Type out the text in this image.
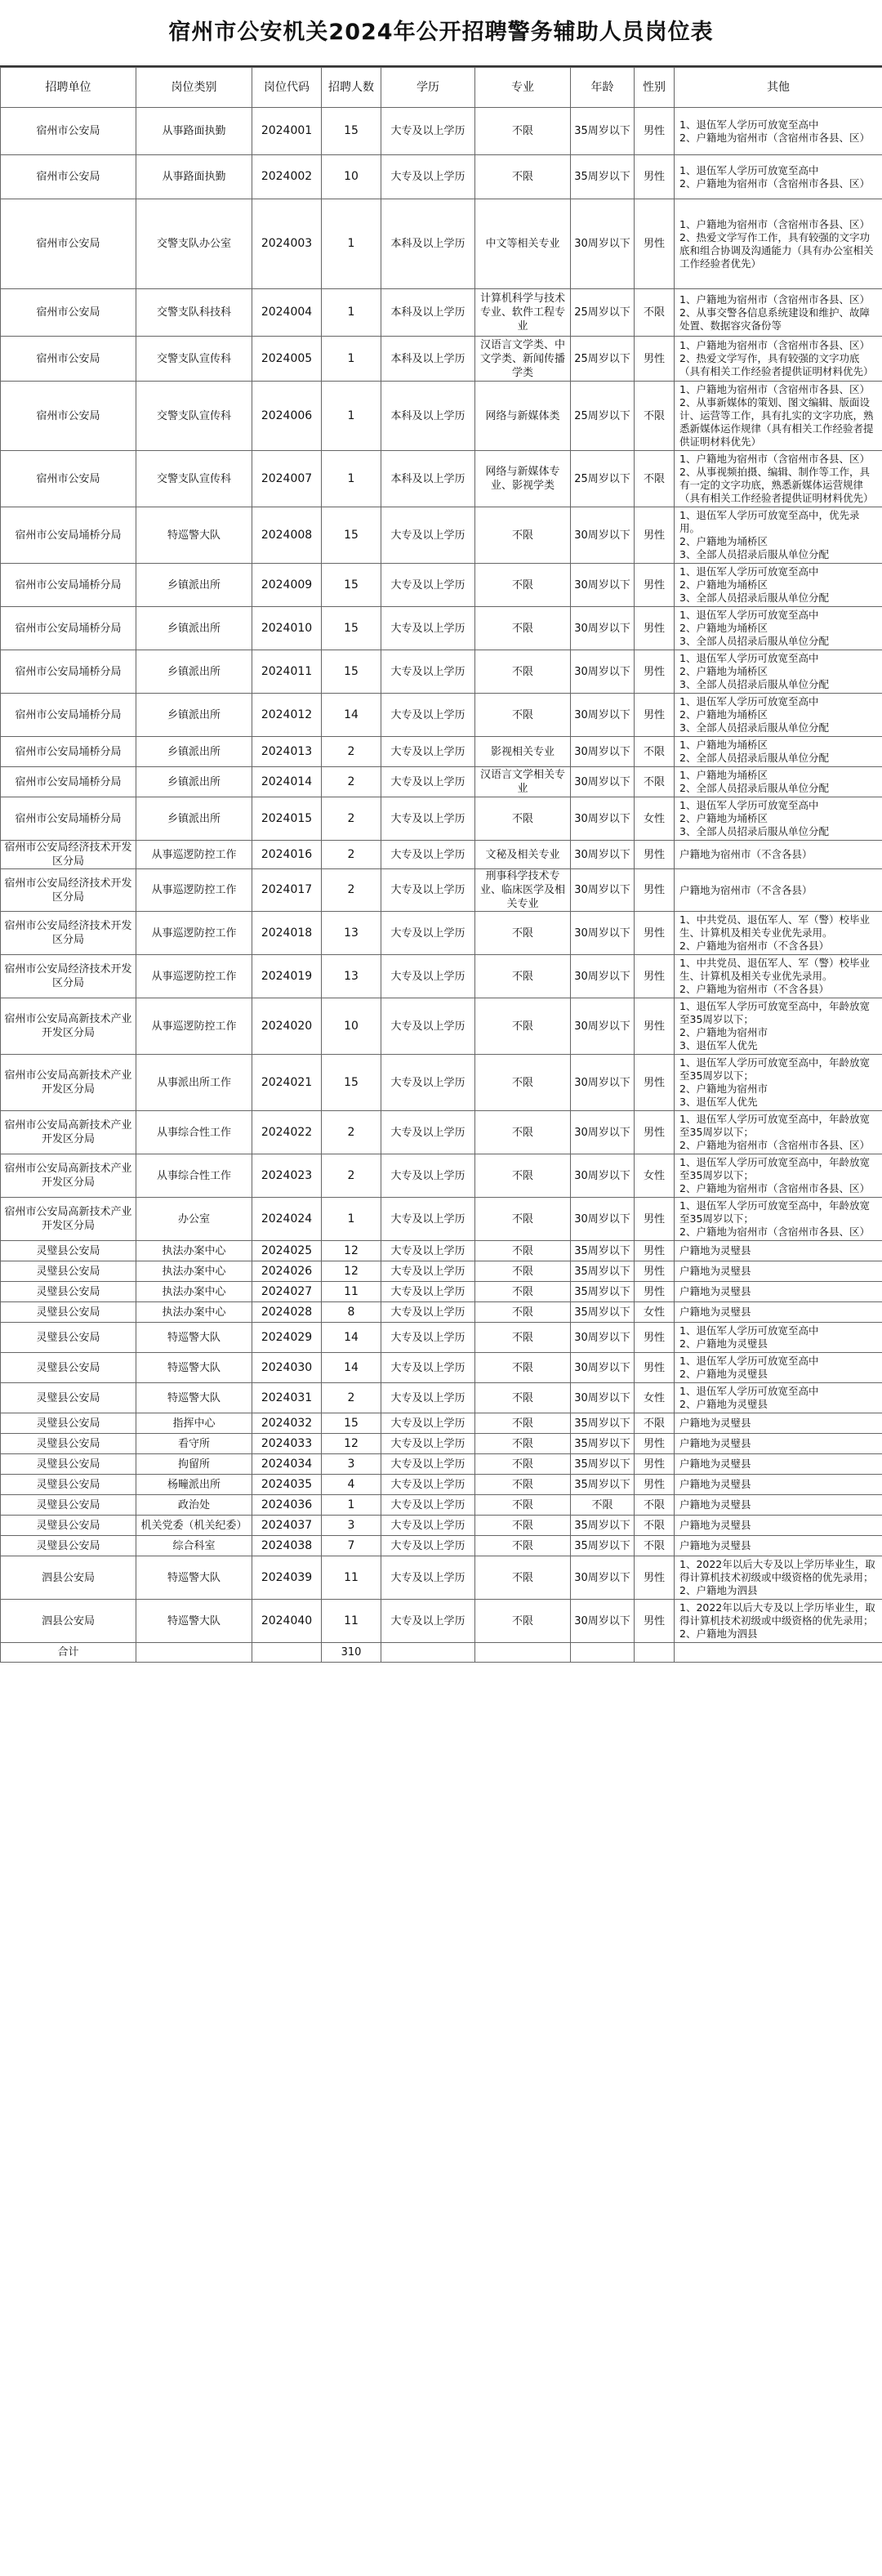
宿州市公安机关2024年公开招聘警务辅助人员岗位表
招聘单位	岗位类别	岗位代码	招聘人数	学历	专业	年龄	性别	其他
宿州市公安局	从事路面执勤	2024001	15	大专及以上学历	不限	35周岁以下	男性	1、退伍军人学历可放宽至高中
2、户籍地为宿州市（含宿州市各县、区）
宿州市公安局	从事路面执勤	2024002	10	大专及以上学历	不限	35周岁以下	男性	1、退伍军人学历可放宽至高中
2、户籍地为宿州市（含宿州市各县、区）
宿州市公安局	交警支队办公室	2024003	1	本科及以上学历	中文等相关专业	30周岁以下	男性	1、户籍地为宿州市（含宿州市各县、区）
2、热爱文学写作工作，具有较强的文字功底和组合协调及沟通能力（具有办公室相关工作经验者优先）
宿州市公安局	交警支队科技科	2024004	1	本科及以上学历	计算机科学与技术专业、软件工程专业	25周岁以下	不限	1、户籍地为宿州市（含宿州市各县、区）
2、从事交警各信息系统建设和维护、故障处置、数据容灾备份等
宿州市公安局	交警支队宣传科	2024005	1	本科及以上学历	汉语言文学类、中文学类、新闻传播学类	25周岁以下	男性	1、户籍地为宿州市（含宿州市各县、区）
2、热爱文学写作，具有较强的文字功底（具有相关工作经验者提供证明材料优先）
宿州市公安局	交警支队宣传科	2024006	1	本科及以上学历	网络与新媒体类	25周岁以下	不限	1、户籍地为宿州市（含宿州市各县、区）
2、从事新媒体的策划、图文编辑、版面设计、运营等工作，具有扎实的文字功底，熟悉新媒体运作规律（具有相关工作经验者提供证明材料优先）
宿州市公安局	交警支队宣传科	2024007	1	本科及以上学历	网络与新媒体专业、影视学类	25周岁以下	不限	1、户籍地为宿州市（含宿州市各县、区）
2、从事视频拍摄、编辑、制作等工作，具有一定的文字功底，熟悉新媒体运营规律（具有相关工作经验者提供证明材料优先）
宿州市公安局埇桥分局	特巡警大队	2024008	15	大专及以上学历	不限	30周岁以下	男性	1、退伍军人学历可放宽至高中，优先录用。
2、户籍地为埇桥区
3、全部人员招录后服从单位分配
宿州市公安局埇桥分局	乡镇派出所	2024009	15	大专及以上学历	不限	30周岁以下	男性	1、退伍军人学历可放宽至高中
2、户籍地为埇桥区
3、全部人员招录后服从单位分配
宿州市公安局埇桥分局	乡镇派出所	2024010	15	大专及以上学历	不限	30周岁以下	男性	1、退伍军人学历可放宽至高中
2、户籍地为埇桥区
3、全部人员招录后服从单位分配
宿州市公安局埇桥分局	乡镇派出所	2024011	15	大专及以上学历	不限	30周岁以下	男性	1、退伍军人学历可放宽至高中
2、户籍地为埇桥区
3、全部人员招录后服从单位分配
宿州市公安局埇桥分局	乡镇派出所	2024012	14	大专及以上学历	不限	30周岁以下	男性	1、退伍军人学历可放宽至高中
2、户籍地为埇桥区
3、全部人员招录后服从单位分配
宿州市公安局埇桥分局	乡镇派出所	2024013	2	大专及以上学历	影视相关专业	30周岁以下	不限	1、户籍地为埇桥区
2、全部人员招录后服从单位分配
宿州市公安局埇桥分局	乡镇派出所	2024014	2	大专及以上学历	汉语言文学相关专业	30周岁以下	不限	1、户籍地为埇桥区
2、全部人员招录后服从单位分配
宿州市公安局埇桥分局	乡镇派出所	2024015	2	大专及以上学历	不限	30周岁以下	女性	1、退伍军人学历可放宽至高中
2、户籍地为埇桥区
3、全部人员招录后服从单位分配
宿州市公安局经济技术开发区分局	从事巡逻防控工作	2024016	2	大专及以上学历	文秘及相关专业	30周岁以下	男性	户籍地为宿州市（不含各县）
宿州市公安局经济技术开发区分局	从事巡逻防控工作	2024017	2	大专及以上学历	刑事科学技术专业、临床医学及相关专业	30周岁以下	男性	户籍地为宿州市（不含各县）
宿州市公安局经济技术开发区分局	从事巡逻防控工作	2024018	13	大专及以上学历	不限	30周岁以下	男性	1、中共党员、退伍军人、军（警）校毕业生、计算机及相关专业优先录用。
2、户籍地为宿州市（不含各县）
宿州市公安局经济技术开发区分局	从事巡逻防控工作	2024019	13	大专及以上学历	不限	30周岁以下	男性	1、中共党员、退伍军人、军（警）校毕业生、计算机及相关专业优先录用。
2、户籍地为宿州市（不含各县）
宿州市公安局高新技术产业开发区分局	从事巡逻防控工作	2024020	10	大专及以上学历	不限	30周岁以下	男性	1、退伍军人学历可放宽至高中，年龄放宽至35周岁以下；
2、户籍地为宿州市
3、退伍军人优先
宿州市公安局高新技术产业开发区分局	从事派出所工作	2024021	15	大专及以上学历	不限	30周岁以下	男性	1、退伍军人学历可放宽至高中，年龄放宽至35周岁以下；
2、户籍地为宿州市
3、退伍军人优先
宿州市公安局高新技术产业开发区分局	从事综合性工作	2024022	2	大专及以上学历	不限	30周岁以下	男性	1、退伍军人学历可放宽至高中，年龄放宽至35周岁以下；
2、户籍地为宿州市（含宿州市各县、区）
宿州市公安局高新技术产业开发区分局	从事综合性工作	2024023	2	大专及以上学历	不限	30周岁以下	女性	1、退伍军人学历可放宽至高中，年龄放宽至35周岁以下；
2、户籍地为宿州市（含宿州市各县、区）
宿州市公安局高新技术产业开发区分局	办公室	2024024	1	大专及以上学历	不限	30周岁以下	男性	1、退伍军人学历可放宽至高中，年龄放宽至35周岁以下；
2、户籍地为宿州市（含宿州市各县、区）
灵璧县公安局	执法办案中心	2024025	12	大专及以上学历	不限	35周岁以下	男性	户籍地为灵璧县
灵璧县公安局	执法办案中心	2024026	12	大专及以上学历	不限	35周岁以下	男性	户籍地为灵璧县
灵璧县公安局	执法办案中心	2024027	11	大专及以上学历	不限	35周岁以下	男性	户籍地为灵璧县
灵璧县公安局	执法办案中心	2024028	8	大专及以上学历	不限	35周岁以下	女性	户籍地为灵璧县
灵璧县公安局	特巡警大队	2024029	14	大专及以上学历	不限	30周岁以下	男性	1、退伍军人学历可放宽至高中
2、户籍地为灵璧县
灵璧县公安局	特巡警大队	2024030	14	大专及以上学历	不限	30周岁以下	男性	1、退伍军人学历可放宽至高中
2、户籍地为灵璧县
灵璧县公安局	特巡警大队	2024031	2	大专及以上学历	不限	30周岁以下	女性	1、退伍军人学历可放宽至高中
2、户籍地为灵璧县
灵璧县公安局	指挥中心	2024032	15	大专及以上学历	不限	35周岁以下	不限	户籍地为灵璧县
灵璧县公安局	看守所	2024033	12	大专及以上学历	不限	35周岁以下	男性	户籍地为灵璧县
灵璧县公安局	拘留所	2024034	3	大专及以上学历	不限	35周岁以下	男性	户籍地为灵璧县
灵璧县公安局	杨疃派出所	2024035	4	大专及以上学历	不限	35周岁以下	男性	户籍地为灵璧县
灵璧县公安局	政治处	2024036	1	大专及以上学历	不限	不限	不限	户籍地为灵璧县
灵璧县公安局	机关党委（机关纪委）	2024037	3	大专及以上学历	不限	35周岁以下	不限	户籍地为灵璧县
灵璧县公安局	综合科室	2024038	7	大专及以上学历	不限	35周岁以下	不限	户籍地为灵璧县
泗县公安局	特巡警大队	2024039	11	大专及以上学历	不限	30周岁以下	男性	1、2022年以后大专及以上学历毕业生，取得计算机技术初级或中级资格的优先录用；
2、户籍地为泗县
泗县公安局	特巡警大队	2024040	11	大专及以上学历	不限	30周岁以下	男性	1、2022年以后大专及以上学历毕业生，取得计算机技术初级或中级资格的优先录用；
2、户籍地为泗县
合计			310					
